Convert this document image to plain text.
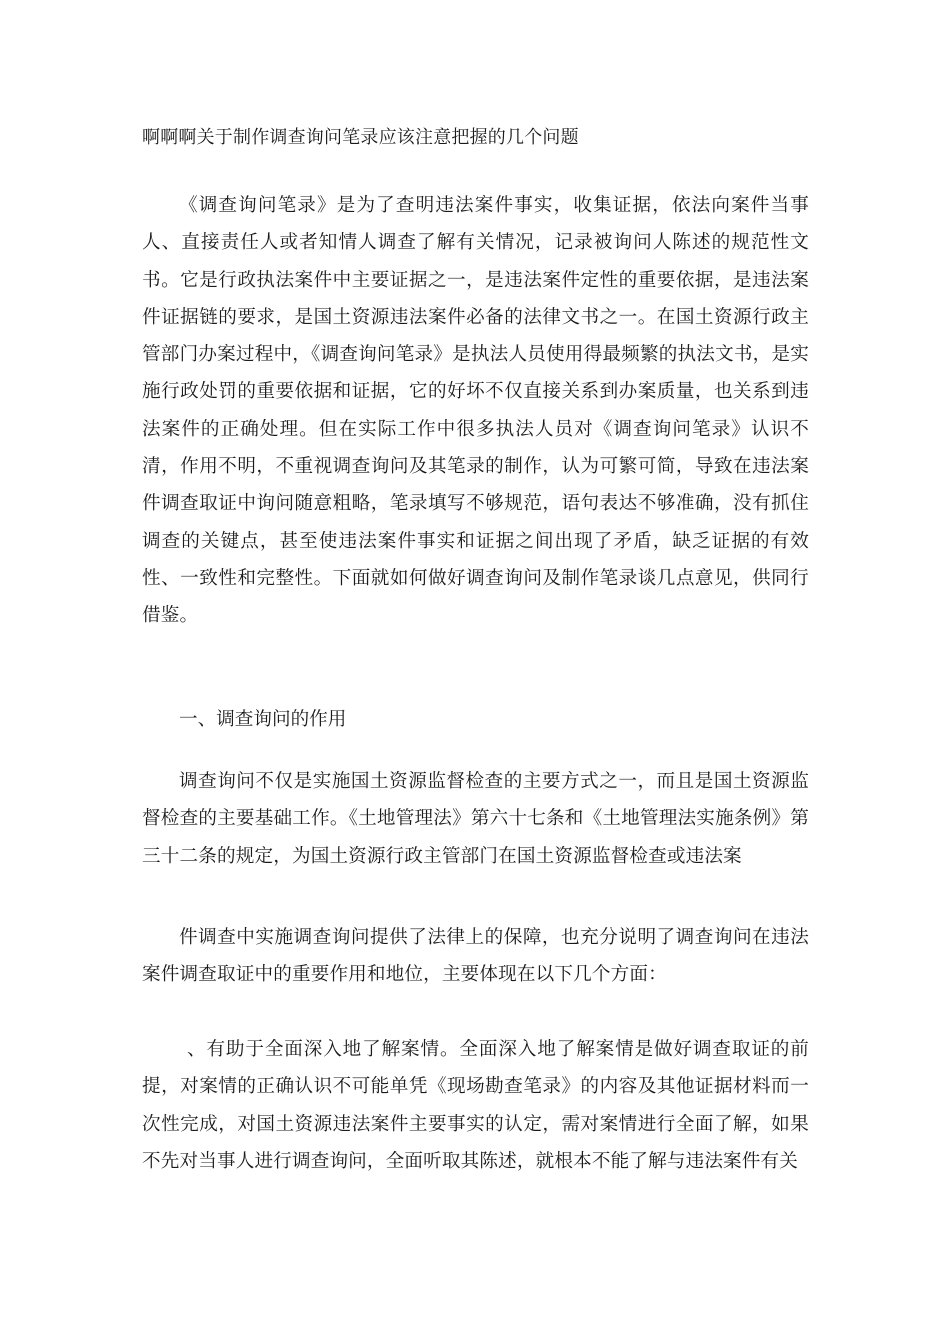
啊啊啊关于制作调查询问笔录应该注意把握的几个问题

《调查询问笔录》是为了查明违法案件事实，收集证据，依法向案件当事人、直接责任人或者知情人调查了解有关情况，记录被询问人陈述的规范性文书。它是行政执法案件中主要证据之一，是违法案件定性的重要依据，是违法案件证据链的要求，是国土资源违法案件必备的法律文书之一。在国土资源行政主管部门办案过程中，《调查询问笔录》是执法人员使用得最频繁的执法文书，是实施行政处罚的重要依据和证据，它的好坏不仅直接关系到办案质量，也关系到违法案件的正确处理。但在实际工作中很多执法人员对《调查询问笔录》认识不清，作用不明，不重视调查询问及其笔录的制作，认为可繁可简，导致在违法案件调查取证中询问随意粗略，笔录填写不够规范，语句表达不够准确，没有抓住调查的关键点，甚至使违法案件事实和证据之间出现了矛盾，缺乏证据的有效性、一致性和完整性。下面就如何做好调查询问及制作笔录谈几点意见，供同行借鉴。

一、调查询问的作用

调查询问不仅是实施国土资源监督检查的主要方式之一，而且是国土资源监督检查的主要基础工作。《土地管理法》第六十七条和《土地管理法实施条例》第三十二条的规定，为国土资源行政主管部门在国土资源监督检查或违法案

件调查中实施调查询问提供了法律上的保障，也充分说明了调查询问在违法案件调查取证中的重要作用和地位，主要体现在以下几个方面：

、有助于全面深入地了解案情。全面深入地了解案情是做好调查取证的前提，对案情的正确认识不可能单凭《现场勘查笔录》的内容及其他证据材料而一次性完成，对国土资源违法案件主要事实的认定，需对案情进行全面了解，如果不先对当事人进行调查询问，全面听取其陈述，就根本不能了解与违法案件有关
